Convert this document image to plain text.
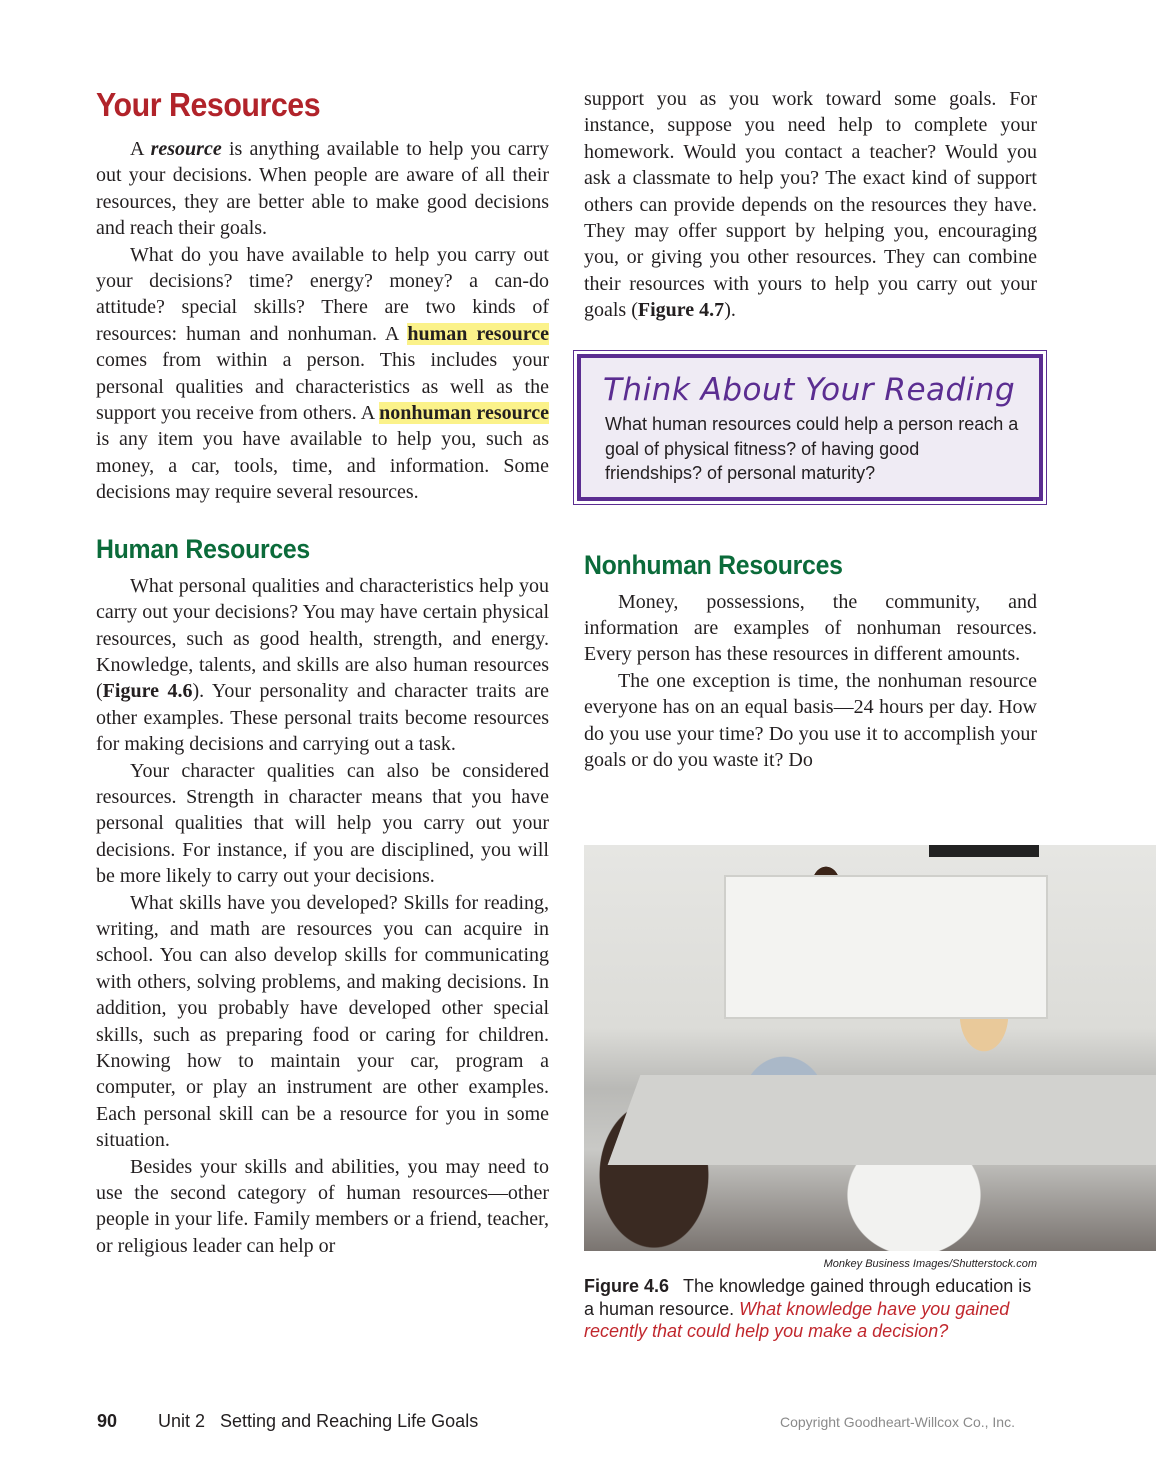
Your Resources

A resource is anything available to help you carry out your decisions. When people are aware of all their resources, they are better able to make good decisions and reach their goals.

What do you have available to help you carry out your decisions? time? energy? money? a can-do attitude? special skills? There are two kinds of resources: human and nonhuman. A human resource comes from within a person. This includes your personal qualities and characteristics as well as the support you receive from others. A nonhuman resource is any item you have available to help you, such as money, a car, tools, time, and information. Some decisions may require several resources.

Human Resources

What personal qualities and characteristics help you carry out your decisions? You may have certain physical resources, such as good health, strength, and energy. Knowledge, talents, and skills are also human resources (Figure 4.6). Your personality and character traits are other examples. These personal traits become resources for making decisions and carrying out a task.

Your character qualities can also be considered resources. Strength in character means that you have personal qualities that will help you carry out your decisions. For instance, if you are disciplined, you will be more likely to carry out your decisions.

What skills have you developed? Skills for reading, writing, and math are resources you can acquire in school. You can also develop skills for communicating with others, solving problems, and making decisions. In addition, you probably have developed other special skills, such as preparing food or caring for children. Knowing how to maintain your car, program a computer, or play an instrument are other examples. Each personal skill can be a resource for you in some situation.

Besides your skills and abilities, you may need to use the second category of human resources—other people in your life. Family members or a friend, teacher, or religious leader can help or

support you as you work toward some goals. For instance, suppose you need help to complete your homework. Would you contact a teacher? Would you ask a classmate to help you? The exact kind of support others can provide depends on the resources they have. They may offer support by helping you, encouraging you, or giving you other resources. They can combine their resources with yours to help you carry out your goals (Figure 4.7).

Nonhuman Resources

Money, possessions, the community, and information are examples of nonhuman resources. Every person has these resources in different amounts.

The one exception is time, the nonhuman resource everyone has on an equal basis—24 hours per day. How do you use your time? Do you use it to accomplish your goals or do you waste it? Do

Think About Your Reading
What human resources could help a person reach a goal of physical fitness? of having good friendships? of personal maturity?
Monkey Business Images/Shutterstock.com
Figure 4.6 The knowledge gained through education is a human resource. What knowledge have you gained recently that could help you make a decision?
90 Unit 2   Setting and Reaching Life Goals	Copyright Goodheart-Willcox Co., Inc.
